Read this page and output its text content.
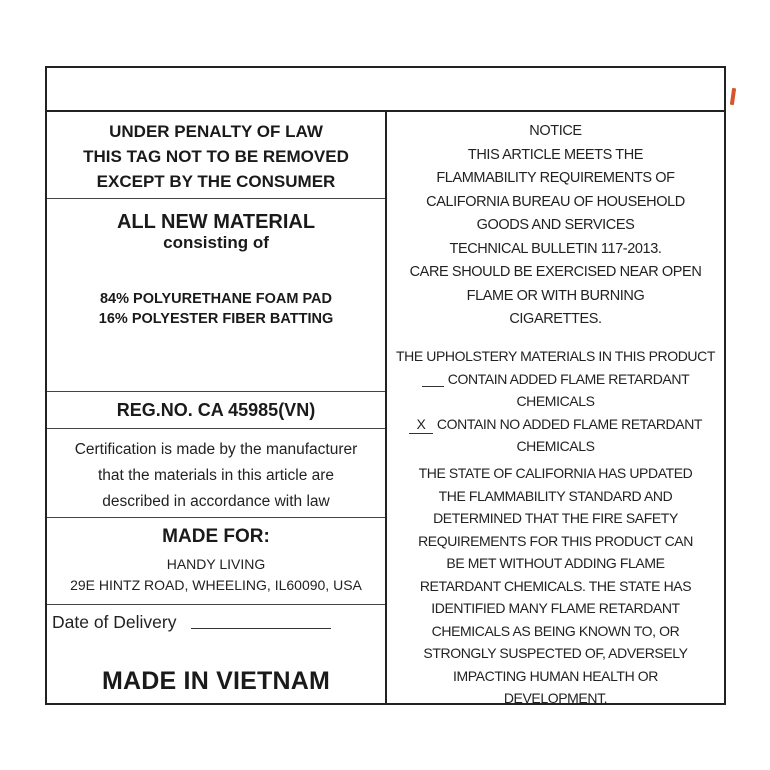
UNDER PENALTY OF LAW
THIS TAG NOT TO BE REMOVED
EXCEPT BY THE CONSUMER
ALL NEW MATERIAL
consisting of
84% POLYURETHANE FOAM PAD
16% POLYESTER FIBER BATTING
REG.NO. CA 45985(VN)
Certification is made by the manufacturer
that the materials in this article are
described in accordance with law
MADE FOR:
HANDY LIVING
29E HINTZ ROAD, WHEELING, IL60090, USA
Date of Delivery
MADE IN VIETNAM
NOTICE
THIS ARTICLE MEETS THE
FLAMMABILITY REQUIREMENTS OF
CALIFORNIA BUREAU OF HOUSEHOLD
GOODS AND SERVICES
TECHNICAL BULLETIN 117-2013.
CARE SHOULD BE EXERCISED NEAR OPEN
FLAME OR WITH BURNING
CIGARETTES.
THE UPHOLSTERY MATERIALS IN THIS PRODUCT
CONTAIN ADDED FLAME RETARDANT
CHEMICALS
X CONTAIN NO ADDED FLAME RETARDANT
CHEMICALS
THE STATE OF CALIFORNIA HAS UPDATED
THE FLAMMABILITY STANDARD AND
DETERMINED THAT THE FIRE SAFETY
REQUIREMENTS FOR THIS PRODUCT CAN
BE MET WITHOUT ADDING FLAME
RETARDANT CHEMICALS. THE STATE HAS
IDENTIFIED MANY FLAME RETARDANT
CHEMICALS AS BEING KNOWN TO, OR
STRONGLY SUSPECTED OF, ADVERSELY
IMPACTING HUMAN HEALTH OR
DEVELOPMENT.
